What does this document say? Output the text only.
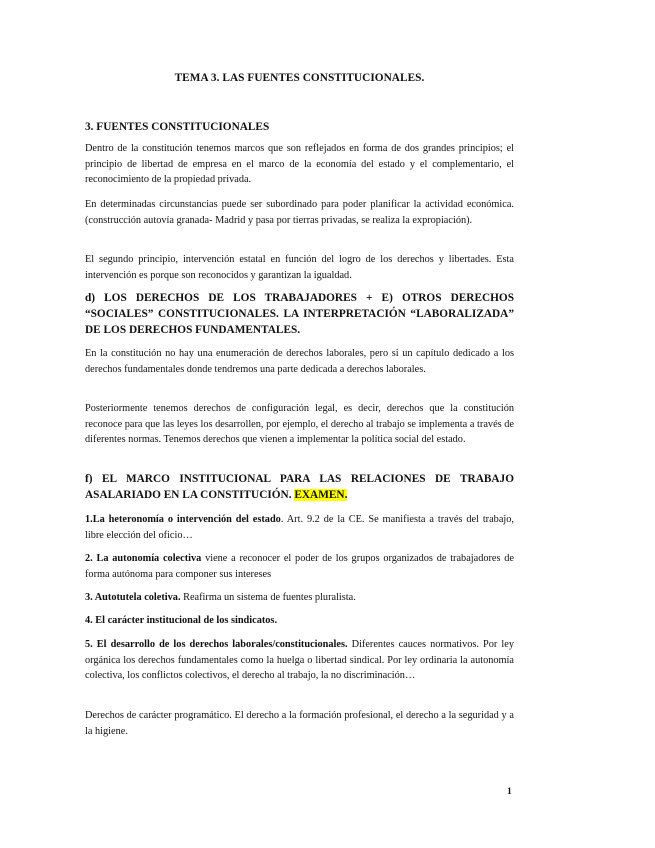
TEMA 3. LAS FUENTES CONSTITUCIONALES.
3. FUENTES CONSTITUCIONALES

Dentro de la constitución tenemos marcos que son reflejados en forma de dos grandes principios; el principio de libertad de empresa en el marco de la economía del estado y el complementario, el reconocimiento de la propiedad privada.

En determinadas circunstancias puede ser subordinado para poder planificar la actividad económica. (construcción autovía granada- Madrid y pasa por tierras privadas, se realiza la expropiación).

El segundo principio, intervención estatal en función del logro de los derechos y libertades. Esta intervención es porque son reconocidos y garantizan la igualdad.

d) LOS DERECHOS DE LOS TRABAJADORES + E) OTROS DERECHOS “SOCIALES” CONSTITUCIONALES. LA INTERPRETACIÓN “LABORALIZADA” DE LOS DERECHOS FUNDAMENTALES.

En la constitución no hay una enumeración de derechos laborales, pero si un capítulo dedicado a los derechos fundamentales donde tendremos una parte dedicada a derechos laborales.

Posteriormente tenemos derechos de configuración legal, es decir, derechos que la constitución reconoce para que las leyes los desarrollen, por ejemplo, el derecho al trabajo se implementa a través de diferentes normas. Tenemos derechos que vienen a implementar la política social del estado.

f) EL MARCO INSTITUCIONAL PARA LAS RELACIONES DE TRABAJO ASALARIADO EN LA CONSTITUCIÓN. EXAMEN.

1.La heteronomía o intervención del estado. Art. 9.2 de la CE. Se manifiesta a través del trabajo, libre elección del oficio…

2. La autonomía colectiva viene a reconocer el poder de los grupos organizados de trabajadores de forma autónoma para componer sus intereses

3. Autotutela coletiva. Reafirma un sistema de fuentes pluralista.

4. El carácter institucional de los sindicatos.

5. El desarrollo de los derechos laborales/constitucionales. Diferentes cauces normativos. Por ley orgánica los derechos fundamentales como la huelga o libertad sindical. Por ley ordinaria la autonomía colectiva, los conflictos colectivos, el derecho al trabajo, la no discriminación…

Derechos de carácter programático. El derecho a la formación profesional, el derecho a la seguridad y a la higiene.

1
